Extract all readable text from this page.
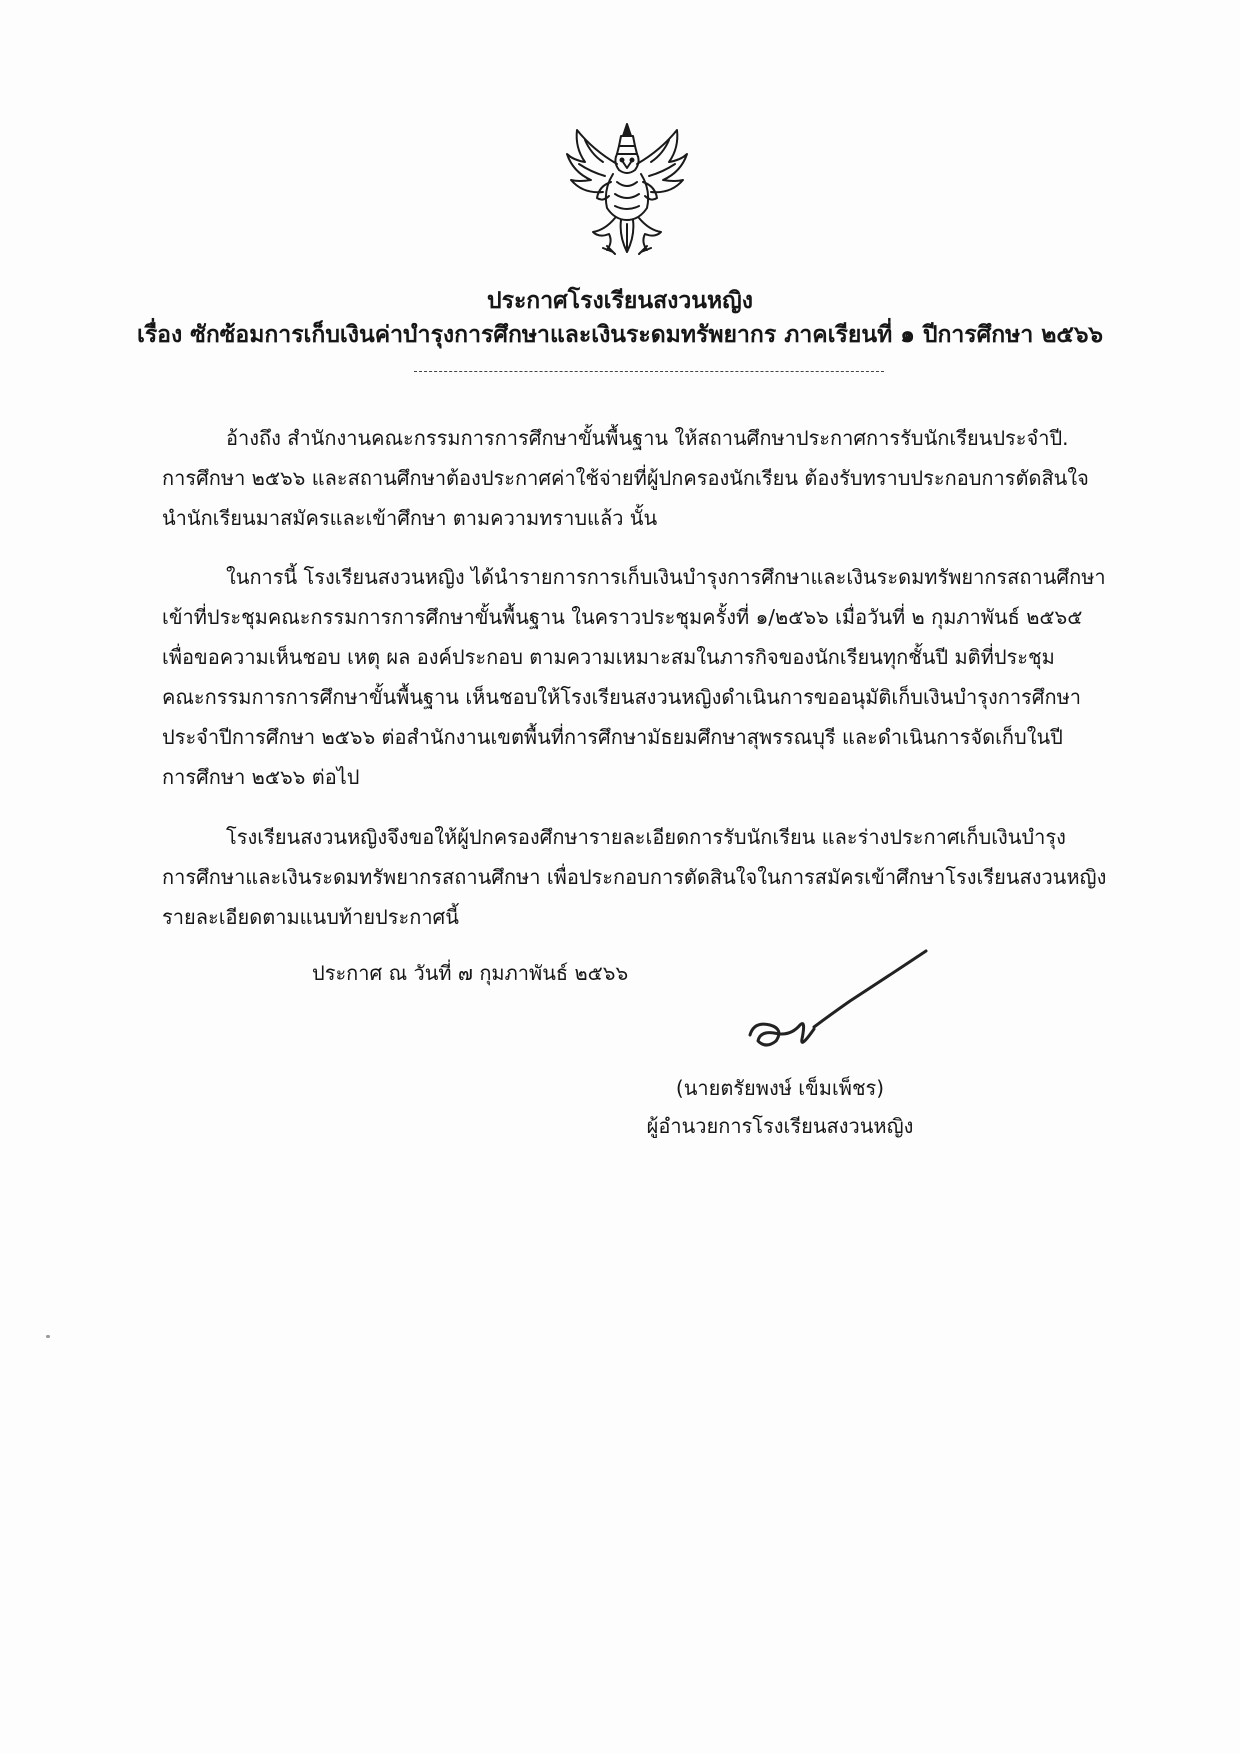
ประกาศโรงเรียนสงวนหญิง
เรื่อง ซักซ้อมการเก็บเงินค่าบำรุงการศึกษาและเงินระดมทรัพยากร ภาคเรียนที่ ๑ ปีการศึกษา ๒๕๖๖
อ้างถึง สำนักงานคณะกรรมการการศึกษาขั้นพื้นฐาน ให้สถานศึกษาประกาศการรับนักเรียนประจำปี.
การศึกษา ๒๕๖๖ และสถานศึกษาต้องประกาศค่าใช้จ่ายที่ผู้ปกครองนักเรียน ต้องรับทราบประกอบการตัดสินใจ
นำนักเรียนมาสมัครและเข้าศึกษา ตามความทราบแล้ว นั้น
ในการนี้ โรงเรียนสงวนหญิง ได้นำรายการการเก็บเงินบำรุงการศึกษาและเงินระดมทรัพยากรสถานศึกษา
เข้าที่ประชุมคณะกรรมการการศึกษาขั้นพื้นฐาน ในคราวประชุมครั้งที่ ๑/๒๕๖๖ เมื่อวันที่ ๒ กุมภาพันธ์ ๒๕๖๕
เพื่อขอความเห็นชอบ เหตุ ผล องค์ประกอบ ตามความเหมาะสมในภารกิจของนักเรียนทุกชั้นปี มติที่ประชุม
คณะกรรมการการศึกษาขั้นพื้นฐาน เห็นชอบให้โรงเรียนสงวนหญิงดำเนินการขออนุมัติเก็บเงินบำรุงการศึกษา
ประจำปีการศึกษา ๒๕๖๖ ต่อสำนักงานเขตพื้นที่การศึกษามัธยมศึกษาสุพรรณบุรี และดำเนินการจัดเก็บในปี
การศึกษา ๒๕๖๖ ต่อไป
โรงเรียนสงวนหญิงจึงขอให้ผู้ปกครองศึกษารายละเอียดการรับนักเรียน และร่างประกาศเก็บเงินบำรุง
การศึกษาและเงินระดมทรัพยากรสถานศึกษา เพื่อประกอบการตัดสินใจในการสมัครเข้าศึกษาโรงเรียนสงวนหญิง
รายละเอียดตามแนบท้ายประกาศนี้
ประกาศ ณ วันที่ ๗ กุมภาพันธ์ ๒๕๖๖
(นายตรัยพงษ์ เข็มเพ็ชร)
ผู้อำนวยการโรงเรียนสงวนหญิง
